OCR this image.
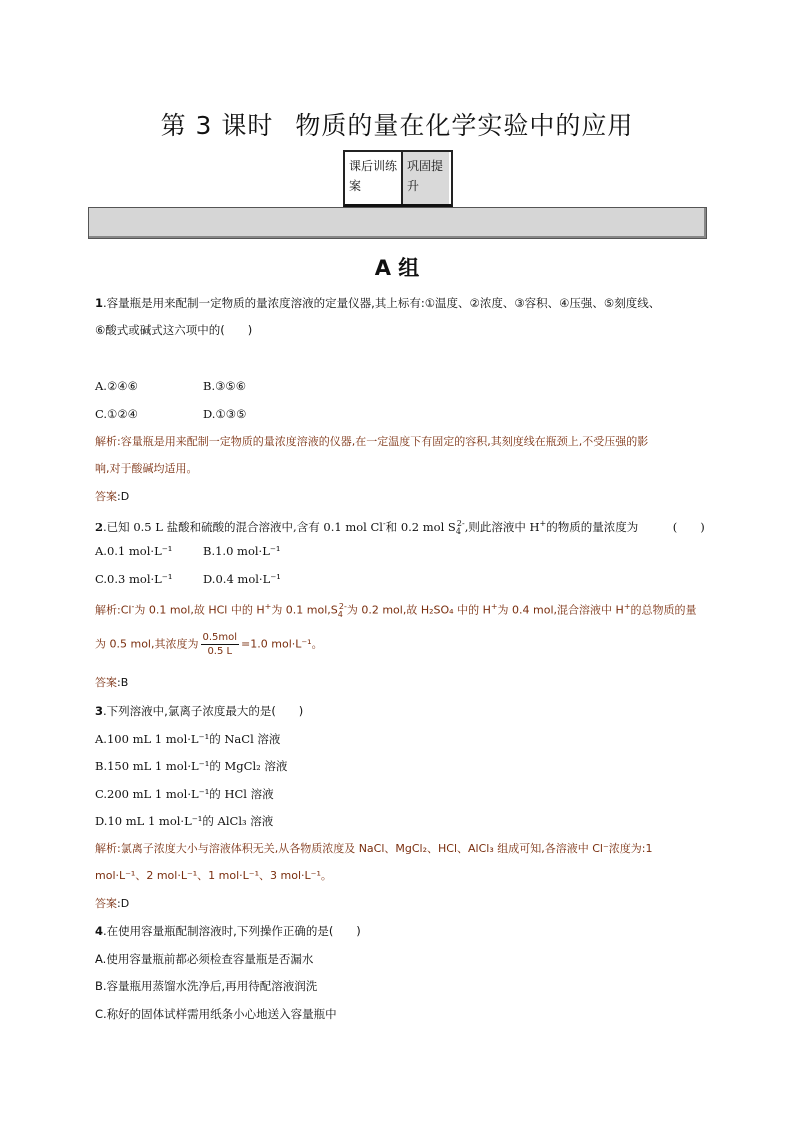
第 3 课时 物质的量在化学实验中的应用
课后训练案
巩固提升
A 组
1.容量瓶是用来配制一定物质的量浓度溶液的定量仪器,其上标有:①温度、②浓度、③容积、④压强、⑤刻度线、
⑥酸式或碱式这六项中的(　　)
A.②④⑥	B.③⑤⑥
C.①②④	D.①③⑤
解析:容量瓶是用来配制一定物质的量浓度溶液的仪器,在一定温度下有固定的容积,其刻度线在瓶颈上,不受压强的影
响,对于酸碱均适用。
答案:D
2.已知 0.5 L 盐酸和硫酸的混合溶液中,含有 0.1 mol Cl-和 0.2 mol $S_4^{2-}$,则此溶液中 H+的物质的量浓度为　　　(　　)
A.0.1 mol·L⁻¹	B.1.0 mol·L⁻¹
C.0.3 mol·L⁻¹	D.0.4 mol·L⁻¹
解析:Cl-为 0.1 mol,故 HCl 中的 H+为 0.1 $mol,S_4^{2-}$为 0.2 mol,故 H₂SO₄ 中的 H+为 0.4 mol,混合溶液中 H+的总物质的量
为 0.5 mol,其浓度为 $\frac{\text{0.5mol}}{0.5 L} =1.0$ mol·L⁻¹。
答案:B
3.下列溶液中,氯离子浓度最大的是(　　)
A.100 mL 1 mol·L⁻¹的 NaCl 溶液
B.150 mL 1 mol·L⁻¹的 MgCl₂ 溶液
C.200 mL 1 mol·L⁻¹的 HCl 溶液
D.10 mL 1 mol·L⁻¹的 AlCl₃ 溶液
解析:氯离子浓度大小与溶液体积无关,从各物质浓度及 NaCl、MgCl₂、HCl、AlCl₃ 组成可知,各溶液中 Cl⁻浓度为:1
mol·L⁻¹、2 mol·L⁻¹、1 mol·L⁻¹、3 mol·L⁻¹。
答案:D
4.在使用容量瓶配制溶液时,下列操作正确的是(　　)
A.使用容量瓶前都必须检查容量瓶是否漏水
B.容量瓶用蒸馏水洗净后,再用待配溶液润洗
C.称好的固体试样需用纸条小心地送入容量瓶中
